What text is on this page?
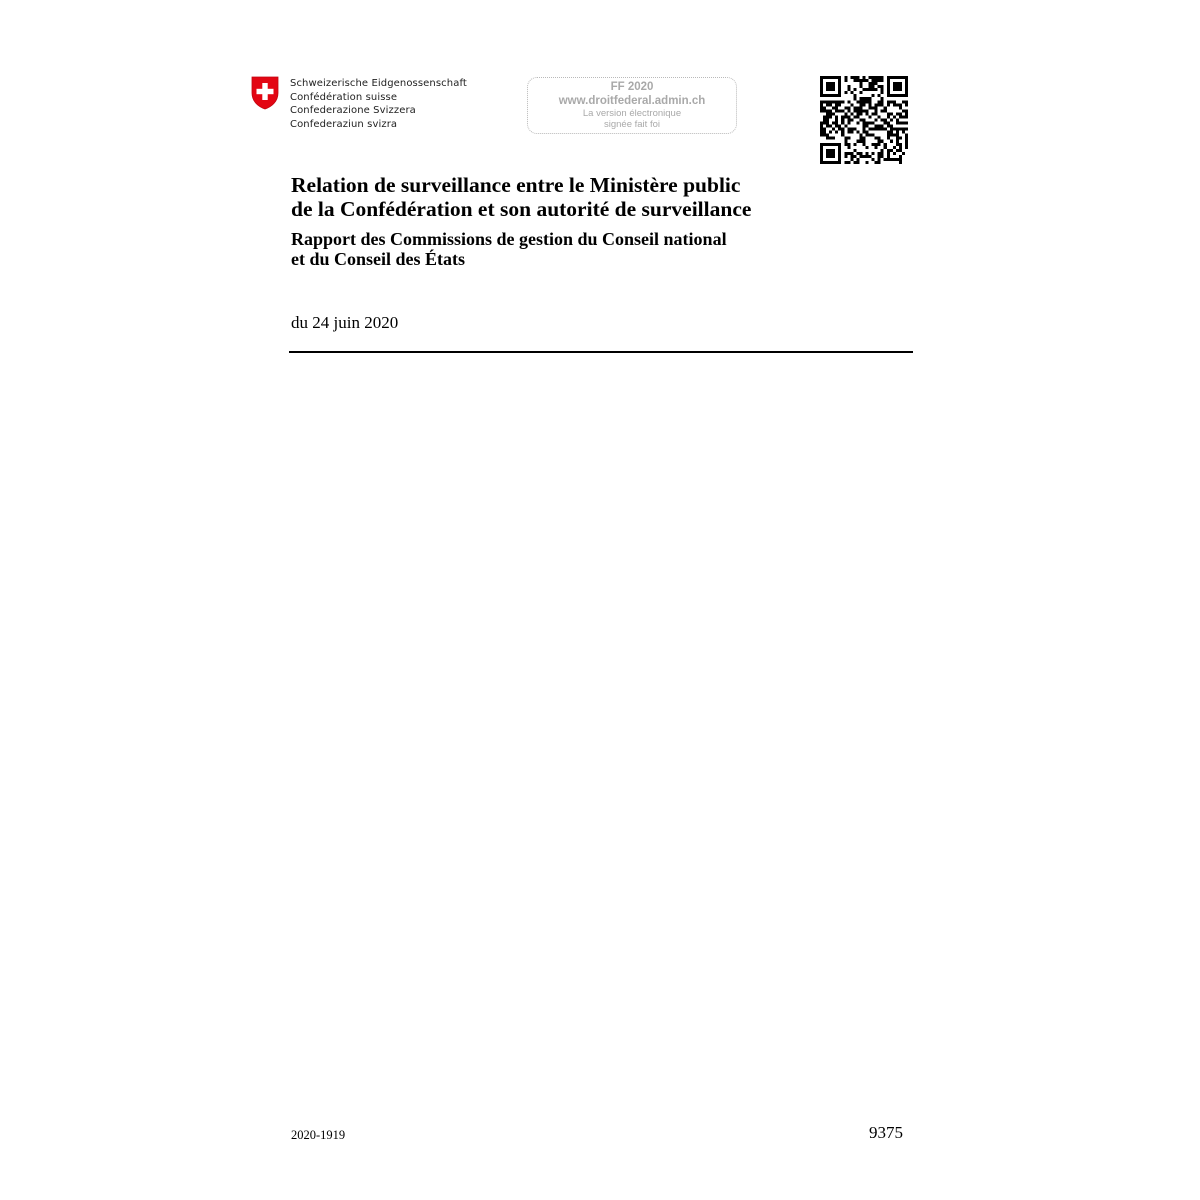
Schweizerische Eidgenossenschaft
Confédération suisse
Confederazione Svizzera
Confederaziun svizra
FF 2020
www.droitfederal.admin.ch
La version électronique
signée fait foi
Relation de surveillance entre le Ministère public
de la Confédération et son autorité de surveillance
Rapport des Commissions de gestion du Conseil national
et du Conseil des États
du 24 juin 2020
2020-1919	9375
